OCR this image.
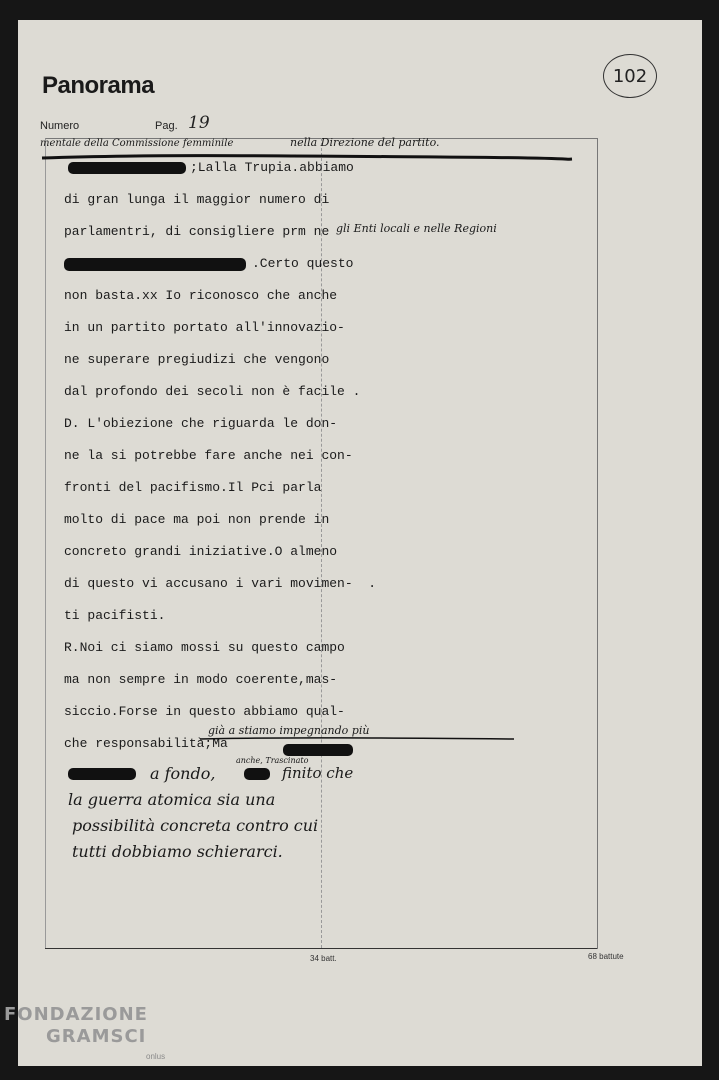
Panorama	102
Numero	Pag. 19
34 batt.	68 battute
mentale della Commissione femminile	nella Direzione del partito.
;Lalla Trupia.abbiamo
di gran lunga il maggior numero di
parlamentri, di consigliere prm ne gli Enti locali e nelle Regioni
.Certo questo
non basta.xx Io riconosco che anche
in un partito portato all'innovazio-
ne superare pregiudizi che vengono
dal profondo dei secoli non è facile .
D. L'obiezione che riguarda le don-
ne la si potrebbe fare anche nei con-
fronti del pacifismo.Il Pci parla
molto di pace ma poi non prende in
concreto grandi iniziative.O almeno
di questo vi accusano i vari movimen-  .
ti pacifisti.
R.Noi ci siamo mossi su questo campo
ma non sempre in modo coerente,mas-
siccio.Forse in questo abbiamo qual-
che responsabilità;Ma
già a stiamo impegnando più
anche, Trascinato
a fondo,	finito che
la guerra atomica sia una
possibilità concreta contro cui
tutti dobbiamo schierarci.
FONDAZIONE
GRAMSCI
onlus
